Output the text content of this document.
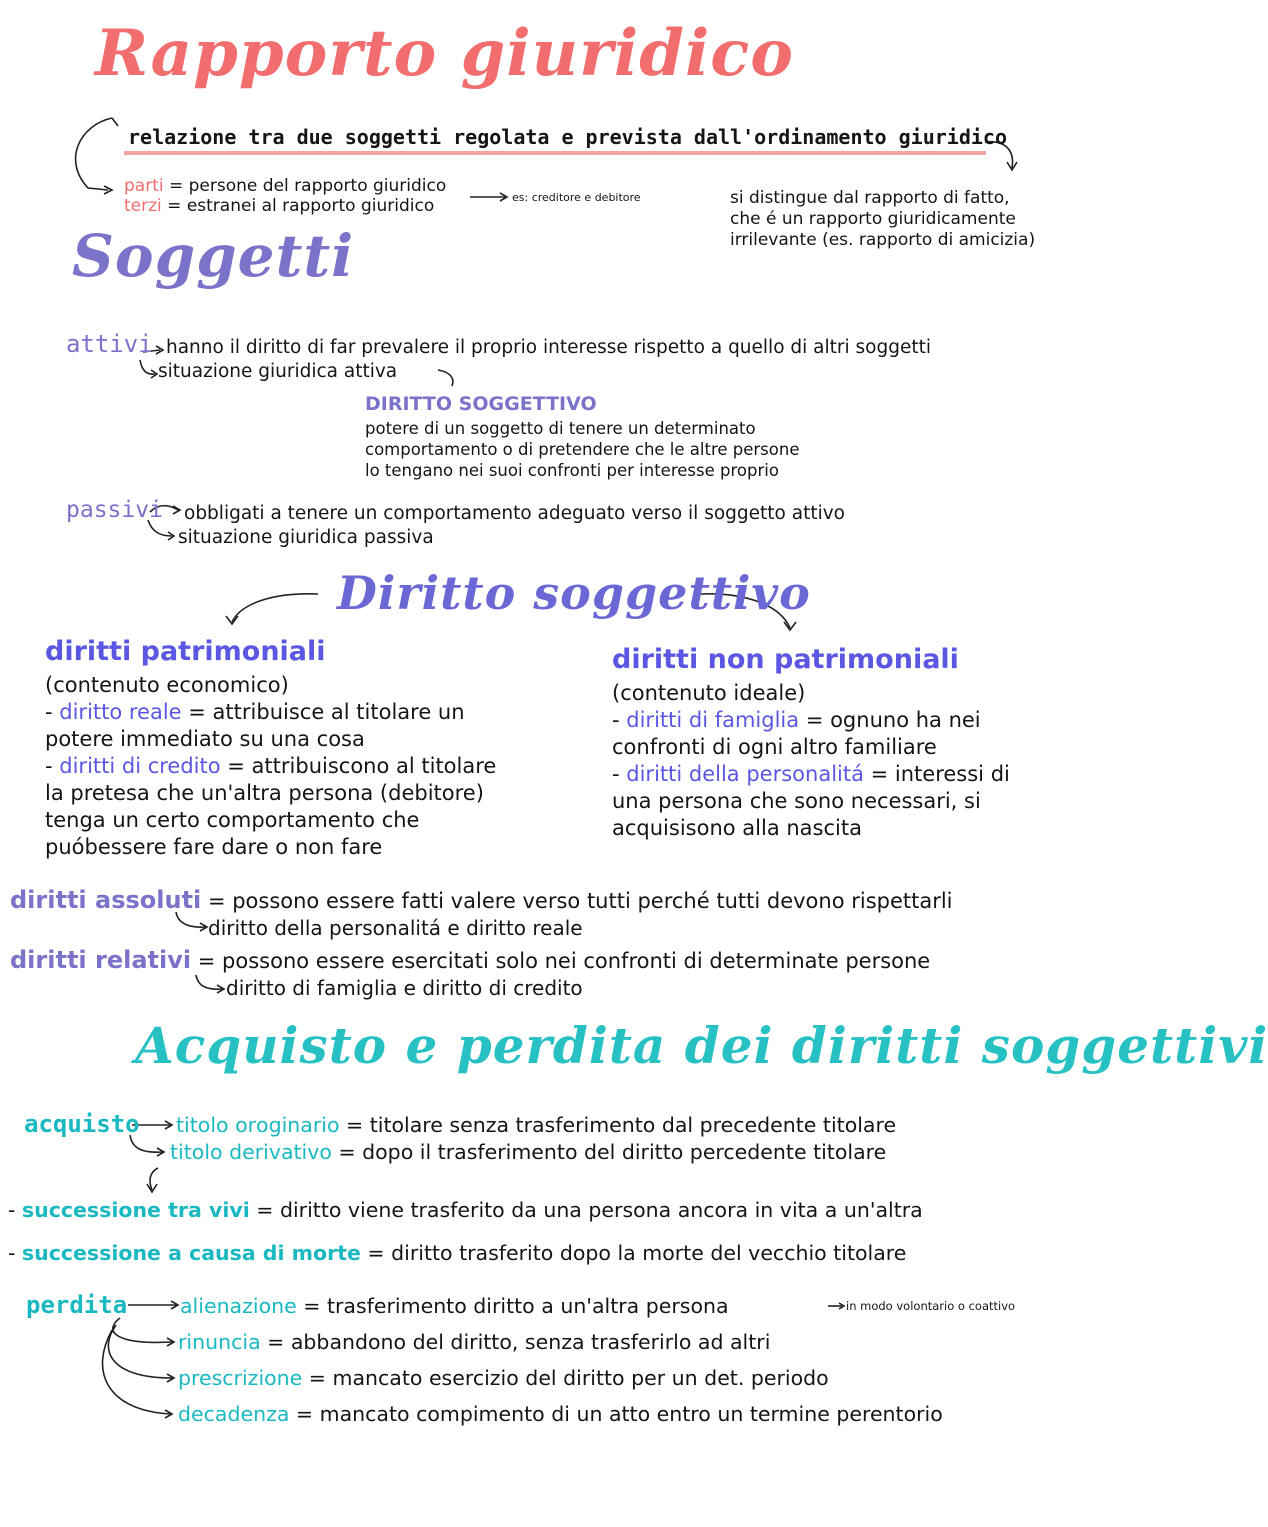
Rapporto giuridico
relazione tra due soggetti regolata e prevista dall'ordinamento giuridico
parti = persone del rapporto giuridico
terzi = estranei al rapporto giuridico	es: creditore e debitore	si distingue dal rapporto di fatto,
che é un rapporto giuridicamente
irrilevante (es. rapporto di amicizia)
Soggetti
attivi hanno il diritto di far prevalere il proprio interesse rispetto a quello di altri soggetti
situazione giuridica attiva
DIRITTO SOGGETTIVO
potere di un soggetto di tenere un determinato
comportamento o di pretendere che le altre persone
lo tengano nei suoi confronti per interesse proprio
passivi obbligati a tenere un comportamento adeguato verso il soggetto attivo
situazione giuridica passiva
Diritto soggettivo
diritti patrimoniali
(contenuto economico)
- diritto reale = attribuisce al titolare un
potere immediato su una cosa
- diritti di credito = attribuiscono al titolare
la pretesa che un'altra persona (debitore)
tenga un certo comportamento che
puóbessere fare dare o non fare
diritti non patrimoniali
(contenuto ideale)
- diritti di famiglia = ognuno ha nei
confronti di ogni altro familiare
- diritti della personalitá = interessi di
una persona che sono necessari, si
acquisisono alla nascita
diritti assoluti = possono essere fatti valere verso tutti perché tutti devono rispettarli
diritto della personalitá e diritto reale
diritti relativi = possono essere esercitati solo nei confronti di determinate persone
diritto di famiglia e diritto di credito
Acquisto e perdita dei diritti soggettivi
acquisto titolo orоginario = titolare senza trasferimento dal precedente titolare
titolo derivativo = dopo il trasferimento del diritto percedente titolare
- successione tra vivi = diritto viene trasferito da una persona ancora in vita a un'altra
- successione a causa di morte = diritto trasferito dopo la morte del vecchio titolare
perdita	alienazione = trasferimento diritto a un'altra persona	in modo volontario o coattivo
rinuncia = abbandono del diritto, senza trasferirlo ad altri
prescrizione = mancato esercizio del diritto per un det. periodo
decadenza = mancato compimento di un atto entro un termine perentorio
